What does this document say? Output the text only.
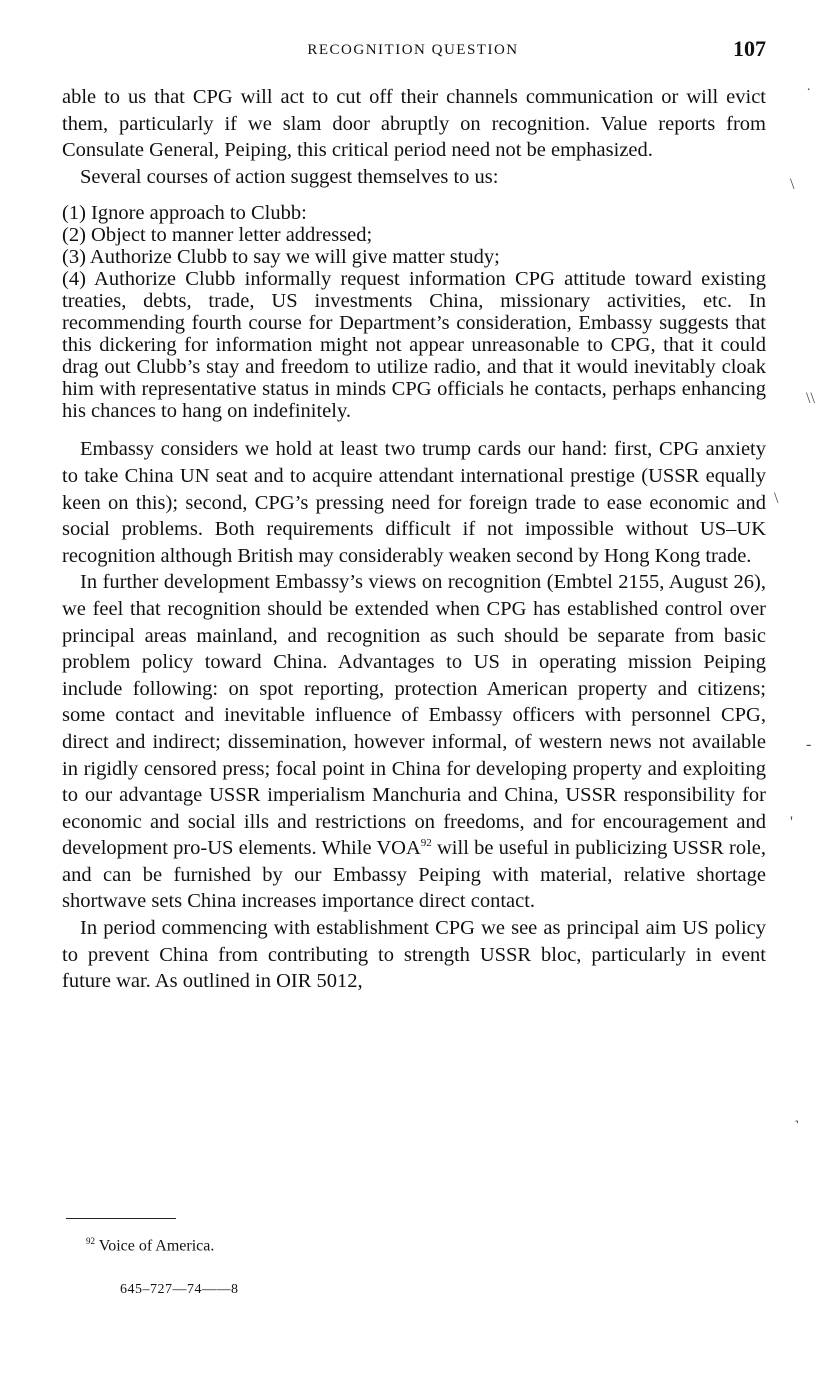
RECOGNITION QUESTION	107

able to us that CPG will act to cut off their channels communication or will evict them, particularly if we slam door abruptly on recognition. Value reports from Consulate General, Peiping, this critical period need not be emphasized.

Several courses of action suggest themselves to us:

(1) Ignore approach to Clubb:
(2) Object to manner letter addressed;
(3) Authorize Clubb to say we will give matter study;
(4) Authorize Clubb informally request information CPG attitude toward existing treaties, debts, trade, US investments China, missionary activities, etc. In recommending fourth course for Department’s consideration, Embassy suggests that this dickering for information might not appear unreasonable to CPG, that it could drag out Clubb’s stay and freedom to utilize radio, and that it would inevitably cloak him with representative status in minds CPG officials he contacts, perhaps enhancing his chances to hang on indefinitely.

Embassy considers we hold at least two trump cards our hand: first, CPG anxiety to take China UN seat and to acquire attendant international prestige (USSR equally keen on this); second, CPG’s pressing need for foreign trade to ease economic and social problems. Both requirements difficult if not impossible without US–UK recognition although British may considerably weaken second by Hong Kong trade.

In further development Embassy’s views on recognition (Embtel 2155, August 26), we feel that recognition should be extended when CPG has established control over principal areas mainland, and recognition as such should be separate from basic problem policy toward China. Advantages to US in operating mission Peiping include following: on spot reporting, protection American property and citizens; some contact and inevitable influence of Embassy officers with personnel CPG, direct and indirect; dissemination, however informal, of western news not available in rigidly censored press; focal point in China for developing property and exploiting to our advantage USSR imperialism Manchuria and China, USSR responsibility for economic and social ills and restrictions on freedoms, and for encouragement and development pro-US elements. While VOA$^{92}$ will be useful in publicizing USSR role, and can be furnished by our Embassy Peiping with material, relative shortage shortwave sets China increases importance direct contact.

In period commencing with establishment CPG we see as principal aim US policy to prevent China from contributing to strength USSR bloc, particularly in event future war. As outlined in OIR 5012,

$^{92}$ Voice of America.
645–727—74——8
˙
\
\\
\
-
'
˺
